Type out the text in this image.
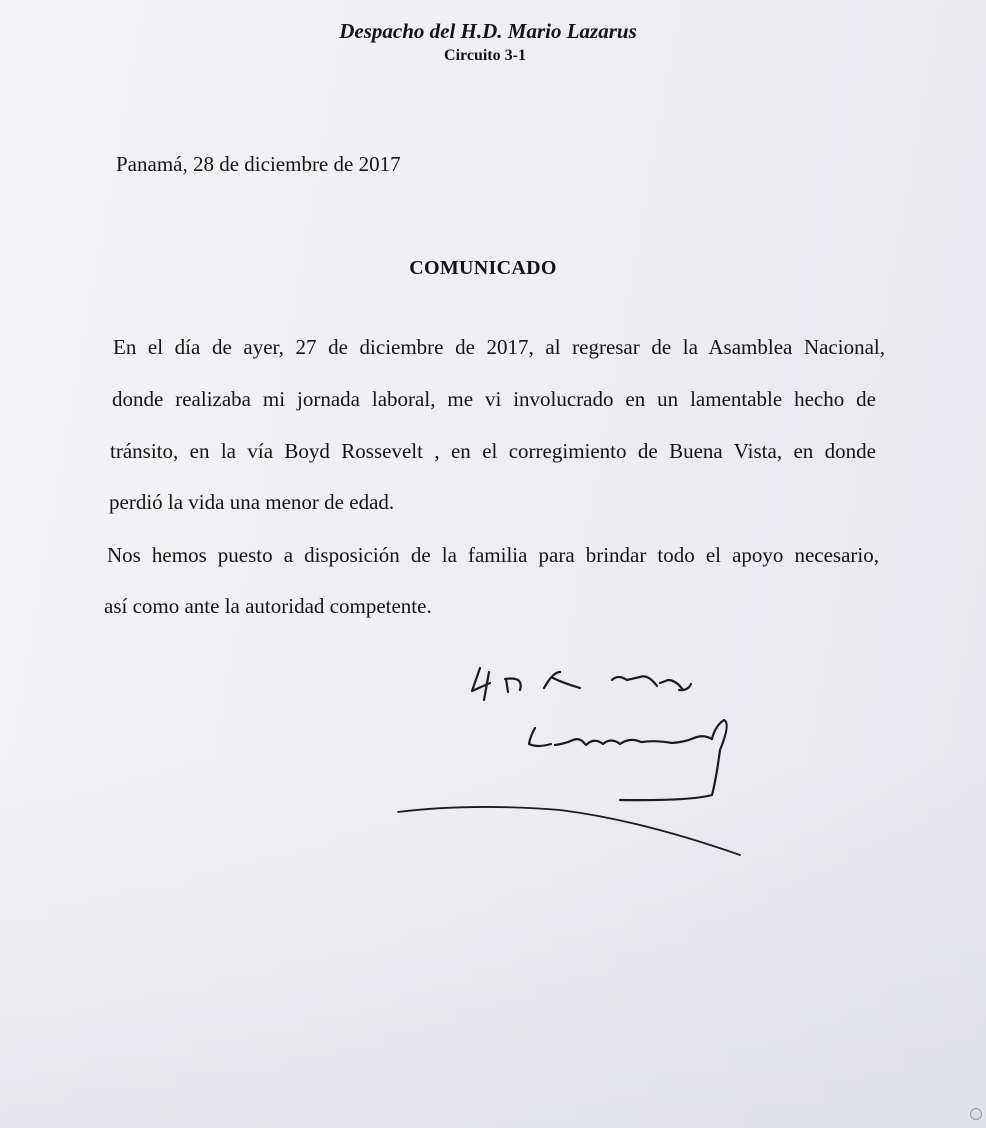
Despacho del H.D. Mario Lazarus
Circuito 3-1
Panamá, 28 de diciembre de 2017
COMUNICADO
En el día de ayer, 27 de diciembre de 2017, al regresar de la Asamblea Nacional,
donde realizaba mi jornada laboral, me vi involucrado en un lamentable hecho de
tránsito, en la vía Boyd Rossevelt , en el corregimiento de Buena Vista, en donde
perdió la vida una menor de edad.
Nos hemos puesto a disposición de la familia para brindar todo el apoyo necesario,
así como ante la autoridad competente.
